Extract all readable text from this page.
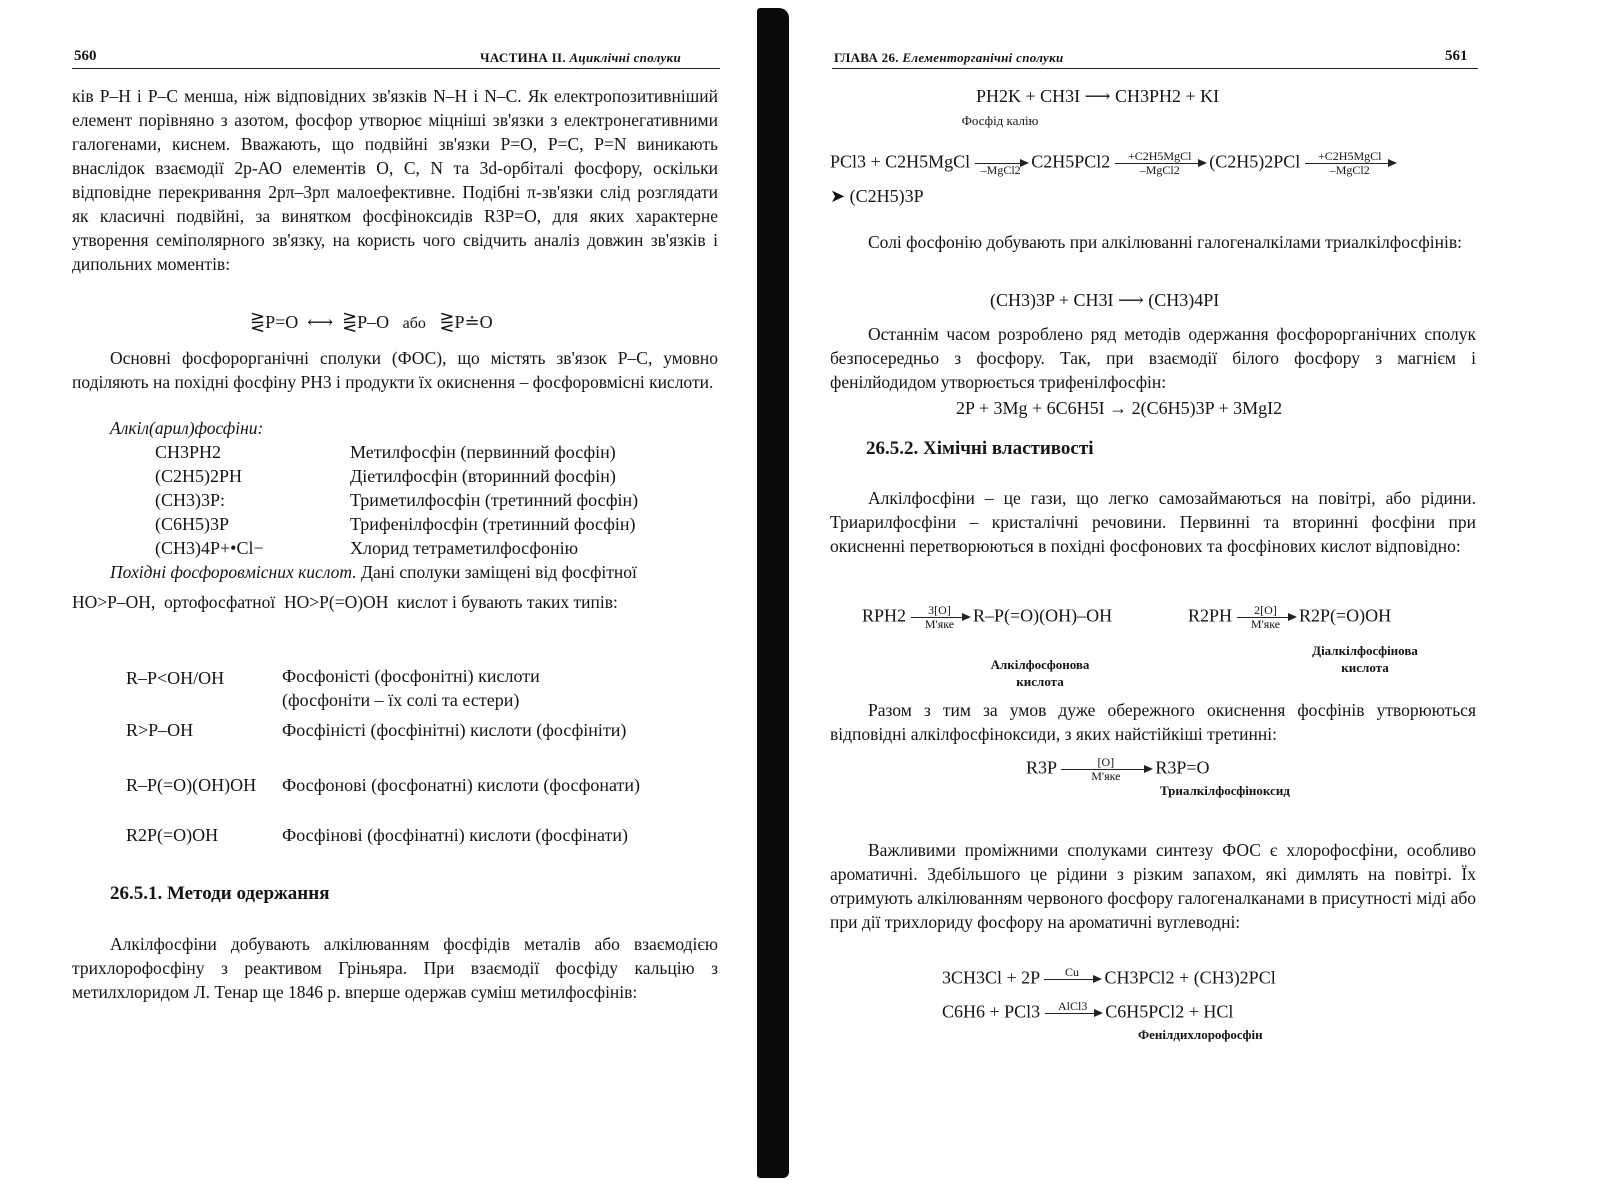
560	ЧАСТИНА II. Ациклічні сполуки
ків P–H і P–C менша, ніж відповідних зв'язків N–H і N–C. Як електропозитивніший елемент порівняно з азотом, фосфор утворює міцніші зв'язки з електронегативними галогенами, киснем. Вважають, що подвійні зв'язки P=O, P=C, P=N виникають внаслідок взаємодії 2p-АО елементів O, C, N та 3d-орбіталі фосфору, оскільки відповідне перекривання 2pπ–3pπ малоефективне. Подібні π-зв'язки слід розглядати як класичні подвійні, за винятком фосфіноксидів R3P=O, для яких характерне утворення семіполярного зв'язку, на користь чого свідчить аналіз довжин зв'язків і дипольних моментів:
⋛P=O ⟷ ⋛P–O або ⋛P≐O
Основні фосфорорганічні сполуки (ФОС), що містять зв'язок P–C, умовно поділяють на похідні фосфіну PH3 і продукти їх окиснення – фосфоровмісні кислоти.
Алкіл(арил)фосфіни:
CH3PH2	Метилфосфін (первинний фосфін)
(C2H5)2PH	Діетилфосфін (вторинний фосфін)
(CH3)3P:	Триметилфосфін (третинний фосфін)
(C6H5)3P	Трифенілфосфін (третинний фосфін)
(CH3)4P+•Cl−	Хлорид тетраметилфосфонію
Похідні фосфоровмісних кислот. Дані сполуки заміщені від фосфітної
HO>P–OH, ортофосфатної HO>P(=O)OH кислот і бувають таких типів:
R–P<OH/OH	Фосфоністі (фосфонітні) кислоти
(фосфоніти – їх солі та естери)
R>P–OH	Фосфіністі (фосфінітні) кислоти (фосфініти)
R–P(=O)(OH)OH Фосфонові (фосфонатні) кислоти (фосфонати)
R2P(=O)OH	Фосфінові (фосфінатні) кислоти (фосфінати)
26.5.1. Методи одержання
Алкілфосфіни добувають алкілюванням фосфідів металів або взаємодією трихлорофосфіну з реактивом Гріньяра. При взаємодії фосфіду кальцію з метилхлоридом Л. Тенар ще 1846 р. вперше одержав суміш метилфосфінів:
ГЛАВА 26. Елементорганічні сполуки	561
PH2K + CH3I ⟶ CH3PH2 + KI
Фосфід калію
PCl3 + C2H5MgCl –MgCl2 C2H5PCl2 +C2H5MgCl
–MgCl2 (C2H5)2PCl +C2H5MgCl
–MgCl2
➤ (C2H5)3P
Солі фосфонію добувають при алкілюванні галогеналкілами триалкілфосфінів:
(CH3)3P + CH3I ⟶ (CH3)4PI
Останнім часом розроблено ряд методів одержання фосфорорганічних сполук безпосередньо з фосфору. Так, при взаємодії білого фосфору з магнієм і фенілйодидом утворюється трифенілфосфін:
2P + 3Mg + 6C6H5I → 2(C6H5)3P + 3MgI2
26.5.2. Хімічні властивості
Алкілфосфіни – це гази, що легко самозаймаються на повітрі, або рідини. Триарилфосфіни – кристалічні речовини. Первинні та вторинні фосфіни при окисненні перетворюються в похідні фосфонових та фосфінових кислот відповідно:
RPH2 3[O]
М'яке R–P(=O)(OH)–OH
Алкілфосфонова кислота
R2PH 2[O]
М'яке R2P(=O)OH
Діалкілфосфінова кислота
Разом з тим за умов дуже обережного окиснення фосфінів утворюються відповідні алкілфосфіноксиди, з яких найстійкіші третинні:
R3P	[O]
М'яке R3P=O
Триалкілфосфіноксид
Важливими проміжними сполуками синтезу ФОС є хлорофосфіни, особливо ароматичні. Здебільшого це рідини з різким запахом, які димлять на повітрі. Їх отримують алкілюванням червоного фосфору галогеналканами в присутності міді або при дії трихлориду фосфору на ароматичні вуглеводні:
3CH3Cl + 2P Cu CH3PCl2 + (CH3)2PCl
C6H6 + PCl3 AlCl3 C6H5PCl2 + HCl
Фенілдихлорофосфін
